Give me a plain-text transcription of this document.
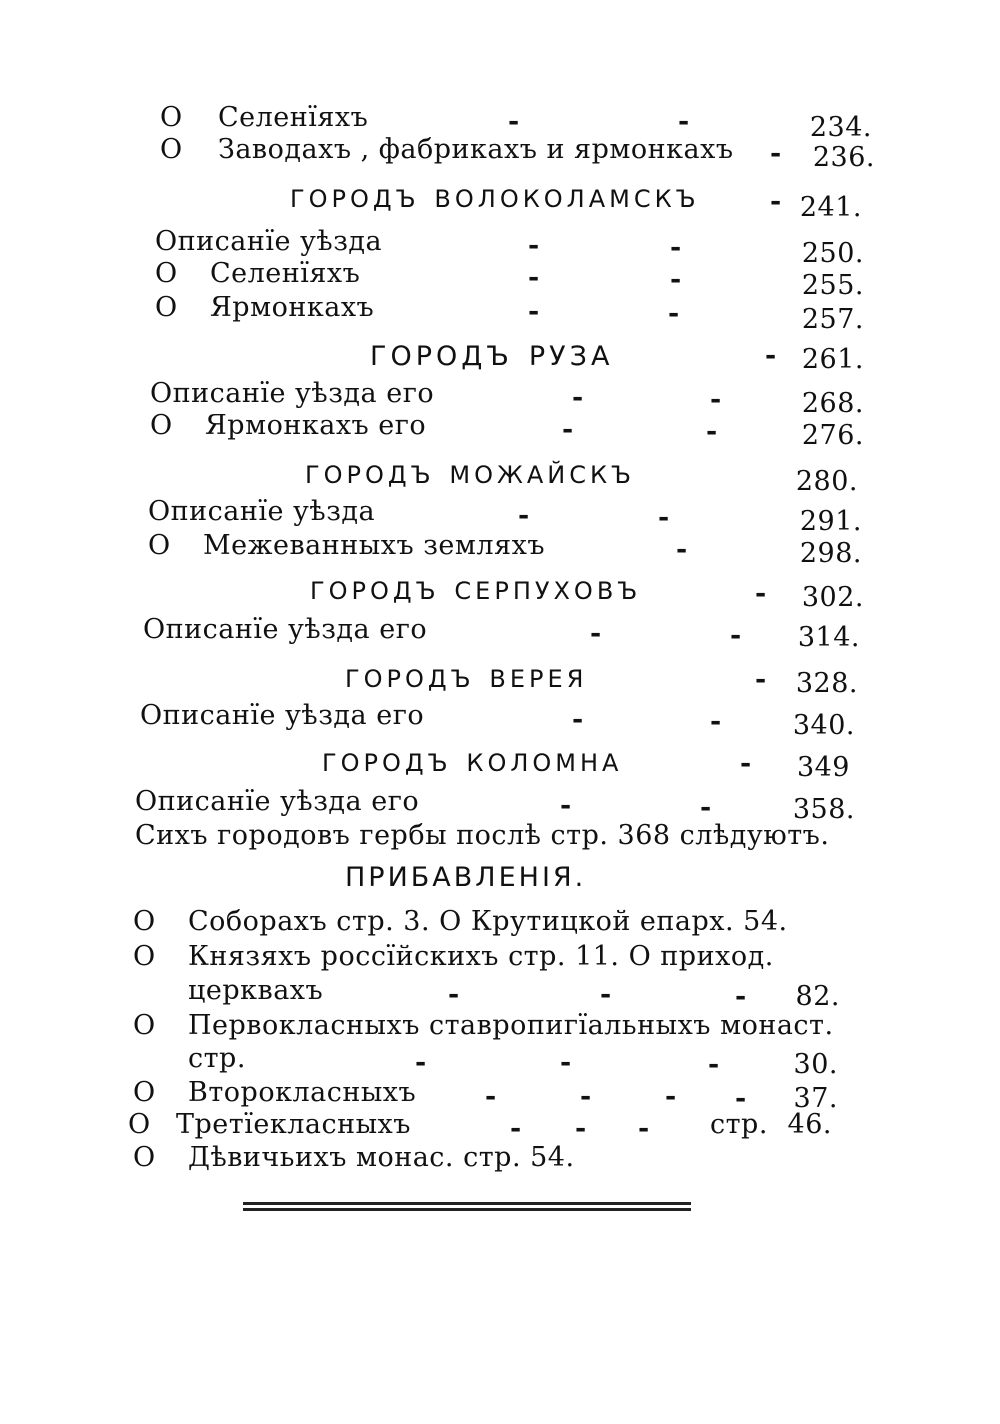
О	Селенїяхъ	-	-	234.
О	Заводахъ , фабрикахъ и ярмонкахъ - 236.
городъ волоколамскъ	- 241.
Описанїе уѣзда	-	-	250.
О	Селенїяхъ	-	-	255.
О	Ярмонкахъ	-	-	257.
городъ руза	- 261.
Описанїе уѣзда его	-	-	268.
О	Ярмонкахъ его	-	-	276.
городъ можайскъ	280.
Описанїе уѣзда	-	-	291.
О	Межеванныхъ земляхъ	-	298.
городъ серпуховъ	- 302.
Описанїе уѣзда его	-	- 314.
городъ верея	- 328.
Описанїе уѣзда его	-	-	340.
городъ коломна	- 349
Описанїе уѣзда его	-	-	358.
Сихъ городовъ гербы послѣ стр. 368 слѣдуютъ.
ПРИБАВЛЕНІЯ.
О	Соборахъ стр. 3. О Крутицкой епарх. 54.
О	Князяхъ россїйскихъ стр. 11. О приход.
церквахъ	-	-	- 82.
О	Первокласныхъ ставропигїальныхъ монаст.
стр.	-	-	-	30.
О	Второкласныхъ	-	-	- - 37.
О Третїекласныхъ	- - - стр. 46.
О	Дѣвичьихъ монас. стр. 54.
